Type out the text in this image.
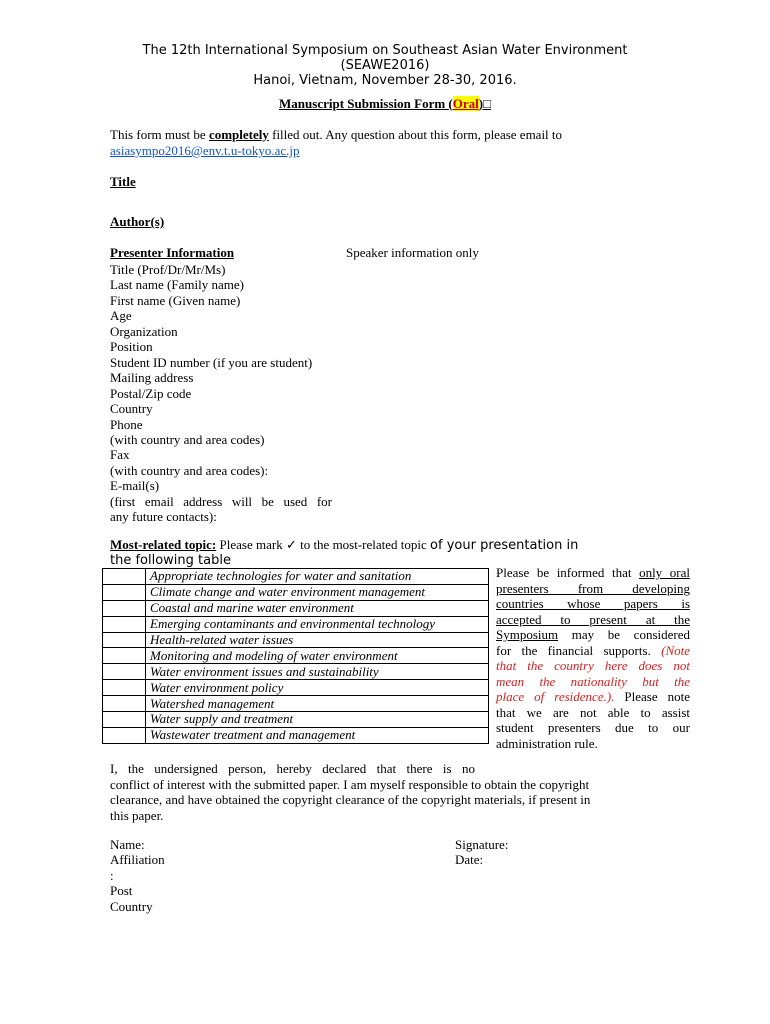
The 12th International Symposium on Southeast Asian Water Environment
(SEAWE2016)
Hanoi, Vietnam, November 28-30, 2016.
Manuscript Submission Form (Oral)□
This form must be completely filled out. Any question about this form, please email to
asiasympo2016@env.t.u-tokyo.ac.jp
Title
Author(s)
Presenter Information	Speaker information only
Title (Prof/Dr/Mr/Ms)
Last name (Family name)
First name (Given name)
Age
Organization
Position
Student ID number (if you are student)
Mailing address
Postal/Zip code
Country
Phone
(with country and area codes)
Fax
(with country and area codes):
E-mail(s)
(first email address will be used for
any future contacts):
Most-related topic: Please mark ✓ to the most-related topic of your presentation in
the following table
	Appropriate technologies for water and sanitation
	Climate change and water environment management
	Coastal and marine water environment
	Emerging contaminants and environmental technology
	Health-related water issues
	Monitoring and modeling of water environment
	Water environment issues and sustainability
	Water environment policy
	Watershed management
	Water supply and treatment
	Wastewater treatment and management
Please be informed that only oral
presenters from developing
countries whose papers is
accepted to present at the
Symposium may be considered
for the financial supports. (Note
that the country here does not
mean the nationality but the
place of residence.). Please note
that we are not able to assist
student presenters due to our
administration rule.
I, the undersigned person, hereby declared that there is no
conflict of interest with the submitted paper. I am myself responsible to obtain the copyright
clearance, and have obtained the copyright clearance of the copyright materials, if present in
this paper.
Name:
Affiliation
:
Post
Country
Signature:
Date:
